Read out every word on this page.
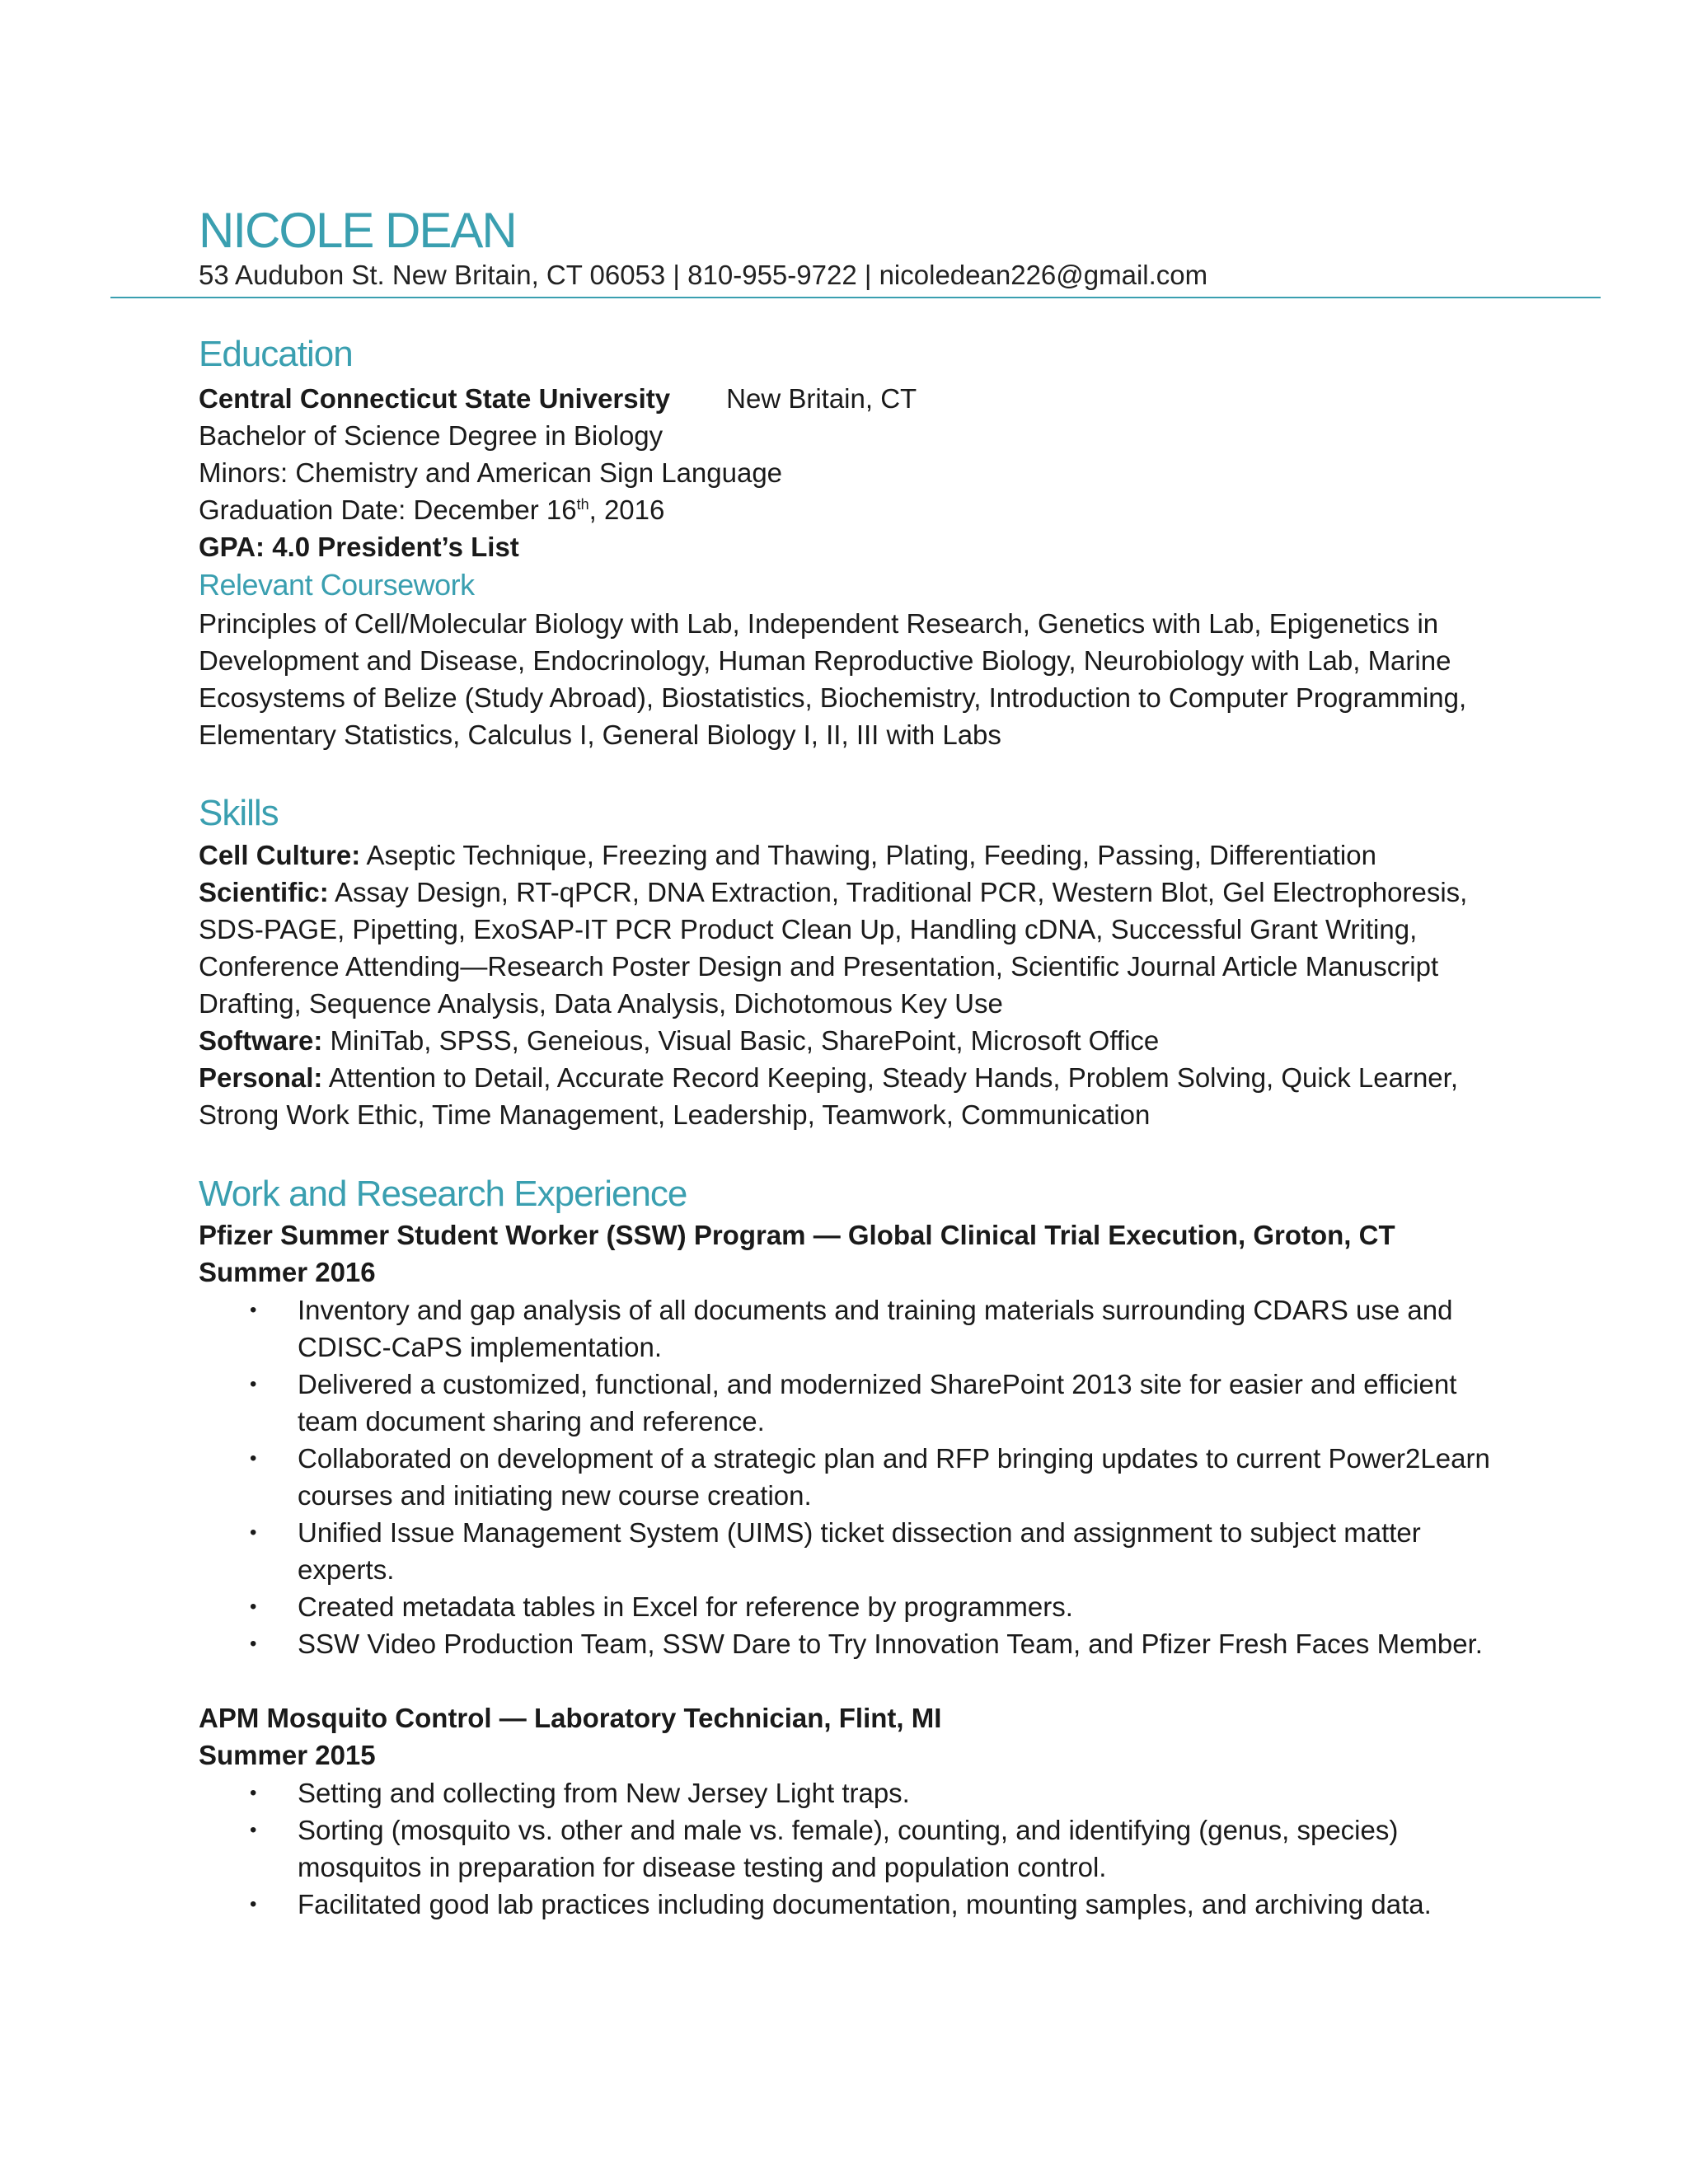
NICOLE DEAN
53 Audubon St. New Britain, CT 06053 | 810-955-9722 | nicoledean226@gmail.com
Education
Central Connecticut State University New Britain, CT
Bachelor of Science Degree in Biology
Minors: Chemistry and American Sign Language
Graduation Date: December 16th, 2016
GPA: 4.0 President’s List
Relevant Coursework
Principles of Cell/Molecular Biology with Lab, Independent Research, Genetics with Lab, Epigenetics in Development and Disease, Endocrinology, Human Reproductive Biology, Neurobiology with Lab, Marine Ecosystems of Belize (Study Abroad), Biostatistics, Biochemistry, Introduction to Computer Programming, Elementary Statistics, Calculus I, General Biology I, II, III with Labs
Skills
Cell Culture: Aseptic Technique, Freezing and Thawing, Plating, Feeding, Passing, Differentiation
Scientific: Assay Design, RT-qPCR, DNA Extraction, Traditional PCR, Western Blot, Gel Electrophoresis, SDS-PAGE, Pipetting, ExoSAP-IT PCR Product Clean Up, Handling cDNA, Successful Grant Writing, Conference Attending—Research Poster Design and Presentation, Scientific Journal Article Manuscript Drafting, Sequence Analysis, Data Analysis, Dichotomous Key Use
Software: MiniTab, SPSS, Geneious, Visual Basic, SharePoint, Microsoft Office
Personal: Attention to Detail, Accurate Record Keeping, Steady Hands, Problem Solving, Quick Learner, Strong Work Ethic, Time Management, Leadership, Teamwork, Communication
Work and Research Experience
Pfizer Summer Student Worker (SSW) Program — Global Clinical Trial Execution, Groton, CT
Summer 2016
• Inventory and gap analysis of all documents and training materials surrounding CDARS use and CDISC-CaPS implementation.
• Delivered a customized, functional, and modernized SharePoint 2013 site for easier and efficient team document sharing and reference.
• Collaborated on development of a strategic plan and RFP bringing updates to current Power2Learn courses and initiating new course creation.
• Unified Issue Management System (UIMS) ticket dissection and assignment to subject matter experts.
• Created metadata tables in Excel for reference by programmers.
• SSW Video Production Team, SSW Dare to Try Innovation Team, and Pfizer Fresh Faces Member.
APM Mosquito Control — Laboratory Technician, Flint, MI
Summer 2015
• Setting and collecting from New Jersey Light traps.
• Sorting (mosquito vs. other and male vs. female), counting, and identifying (genus, species) mosquitos in preparation for disease testing and population control.
• Facilitated good lab practices including documentation, mounting samples, and archiving data.
